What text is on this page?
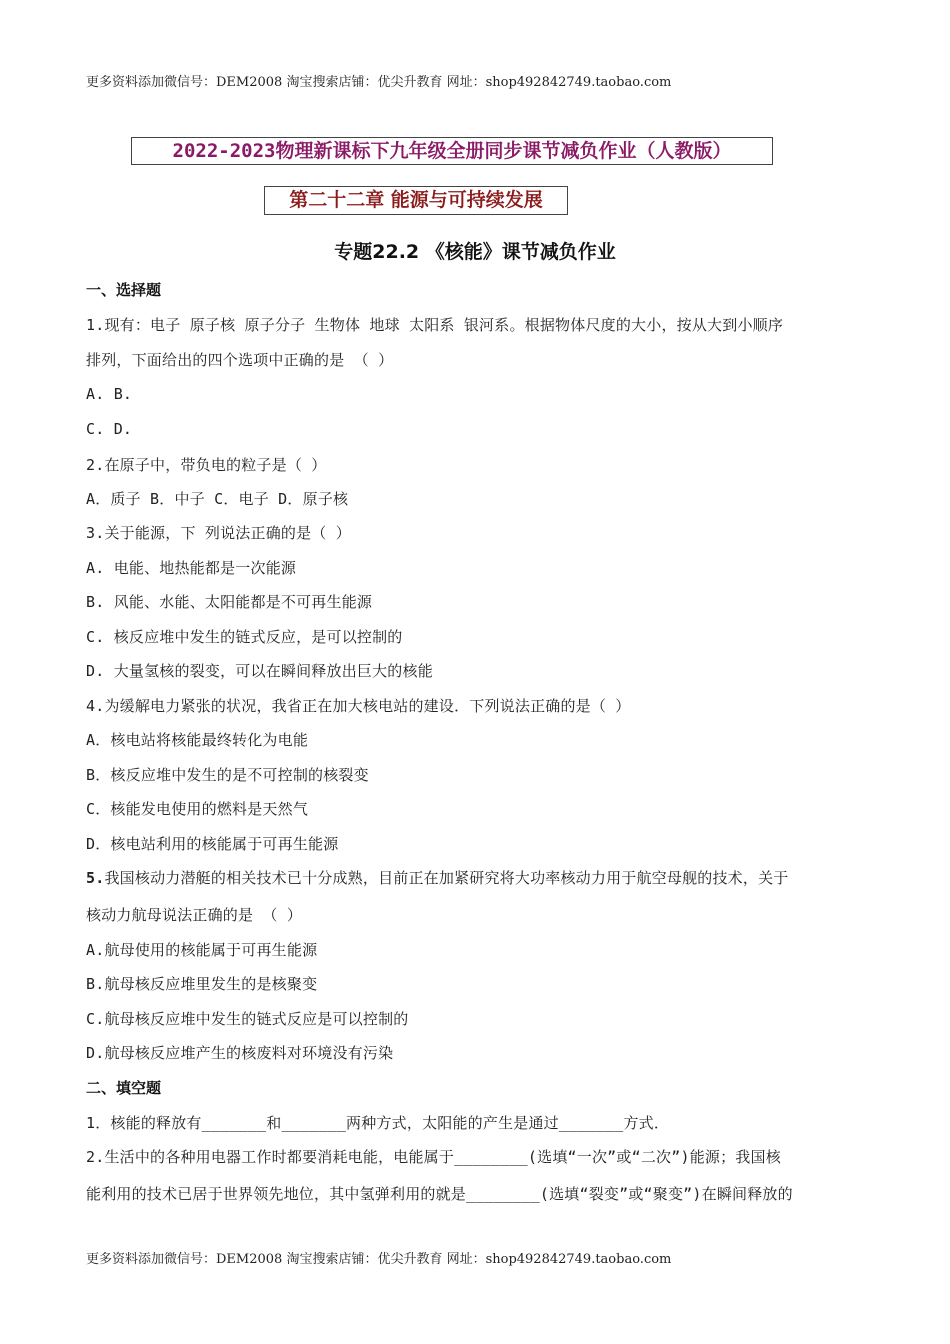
更多资料添加微信号：DEM2008 淘宝搜索店铺：优尖升教育 网址：shop492842749.taobao.com
2022-2023物理新课标下九年级全册同步课节减负作业（人教版）
第二十二章 能源与可持续发展
专题22.2 《核能》课节减负作业
一、选择题
1.现有：电子 原子核 原子分子 生物体 地球 太阳系 银河系。根据物体尺度的大小，按从大到小顺序
排列，下面给出的四个选项中正确的是 （ ）
A. B.
C. D.
2.在原子中，带负电的粒子是（ ）
A．质子 B．中子 C．电子 D．原子核
3.关于能源，下 列说法正确的是（ ）
A. 电能、地热能都是一次能源
B. 风能、水能、太阳能都是不可再生能源
C. 核反应堆中发生的链式反应，是可以控制的
D. 大量氢核的裂变，可以在瞬间释放出巨大的核能
4.为缓解电力紧张的状况，我省正在加大核电站的建设．下列说法正确的是（ ）
A．核电站将核能最终转化为电能
B．核反应堆中发生的是不可控制的核裂变
C．核能发电使用的燃料是天然气
D．核电站利用的核能属于可再生能源
5.我国核动力潜艇的相关技术已十分成熟，目前正在加紧研究将大功率核动力用于航空母舰的技术，关于
核动力航母说法正确的是 （ ）
A.航母使用的核能属于可再生能源
B.航母核反应堆里发生的是核聚变
C.航母核反应堆中发生的链式反应是可以控制的
D.航母核反应堆产生的核废料对环境没有污染
二、填空题
1．核能的释放有_______和_______两种方式，太阳能的产生是通过_______方式．
2.生活中的各种用电器工作时都要消耗电能，电能属于________(选填“一次”或“二次”)能源；我国核
能利用的技术已居于世界领先地位，其中氢弹利用的就是________(选填“裂变”或“聚变”)在瞬间释放的
更多资料添加微信号：DEM2008 淘宝搜索店铺：优尖升教育 网址：shop492842749.taobao.com
